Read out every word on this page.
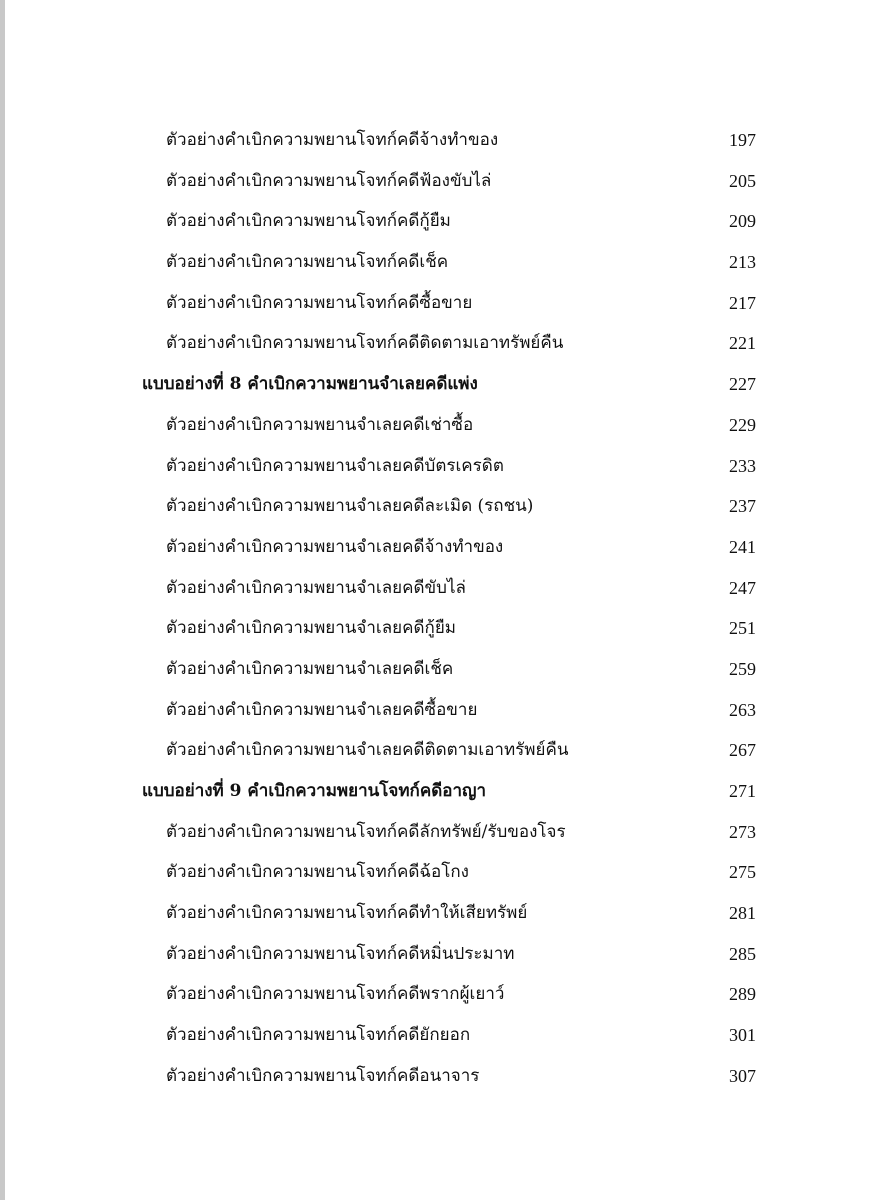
ตัวอย่างคำเบิกความพยานโจทก์คดีจ้างทำของ	197
ตัวอย่างคำเบิกความพยานโจทก์คดีฟ้องขับไล่	205
ตัวอย่างคำเบิกความพยานโจทก์คดีกู้ยืม	209
ตัวอย่างคำเบิกความพยานโจทก์คดีเช็ค	213
ตัวอย่างคำเบิกความพยานโจทก์คดีซื้อขาย	217
ตัวอย่างคำเบิกความพยานโจทก์คดีติดตามเอาทรัพย์คืน	221
แบบอย่างที่ 8 คำเบิกความพยานจำเลยคดีแพ่ง	227
ตัวอย่างคำเบิกความพยานจำเลยคดีเช่าซื้อ	229
ตัวอย่างคำเบิกความพยานจำเลยคดีบัตรเครดิต	233
ตัวอย่างคำเบิกความพยานจำเลยคดีละเมิด (รถชน)	237
ตัวอย่างคำเบิกความพยานจำเลยคดีจ้างทำของ	241
ตัวอย่างคำเบิกความพยานจำเลยคดีขับไล่	247
ตัวอย่างคำเบิกความพยานจำเลยคดีกู้ยืม	251
ตัวอย่างคำเบิกความพยานจำเลยคดีเช็ค	259
ตัวอย่างคำเบิกความพยานจำเลยคดีซื้อขาย	263
ตัวอย่างคำเบิกความพยานจำเลยคดีติดตามเอาทรัพย์คืน	267
แบบอย่างที่ 9 คำเบิกความพยานโจทก์คดีอาญา	271
ตัวอย่างคำเบิกความพยานโจทก์คดีลักทรัพย์/รับของโจร	273
ตัวอย่างคำเบิกความพยานโจทก์คดีฉ้อโกง	275
ตัวอย่างคำเบิกความพยานโจทก์คดีทำให้เสียทรัพย์	281
ตัวอย่างคำเบิกความพยานโจทก์คดีหมิ่นประมาท	285
ตัวอย่างคำเบิกความพยานโจทก์คดีพรากผู้เยาว์	289
ตัวอย่างคำเบิกความพยานโจทก์คดียักยอก	301
ตัวอย่างคำเบิกความพยานโจทก์คดีอนาจาร	307
